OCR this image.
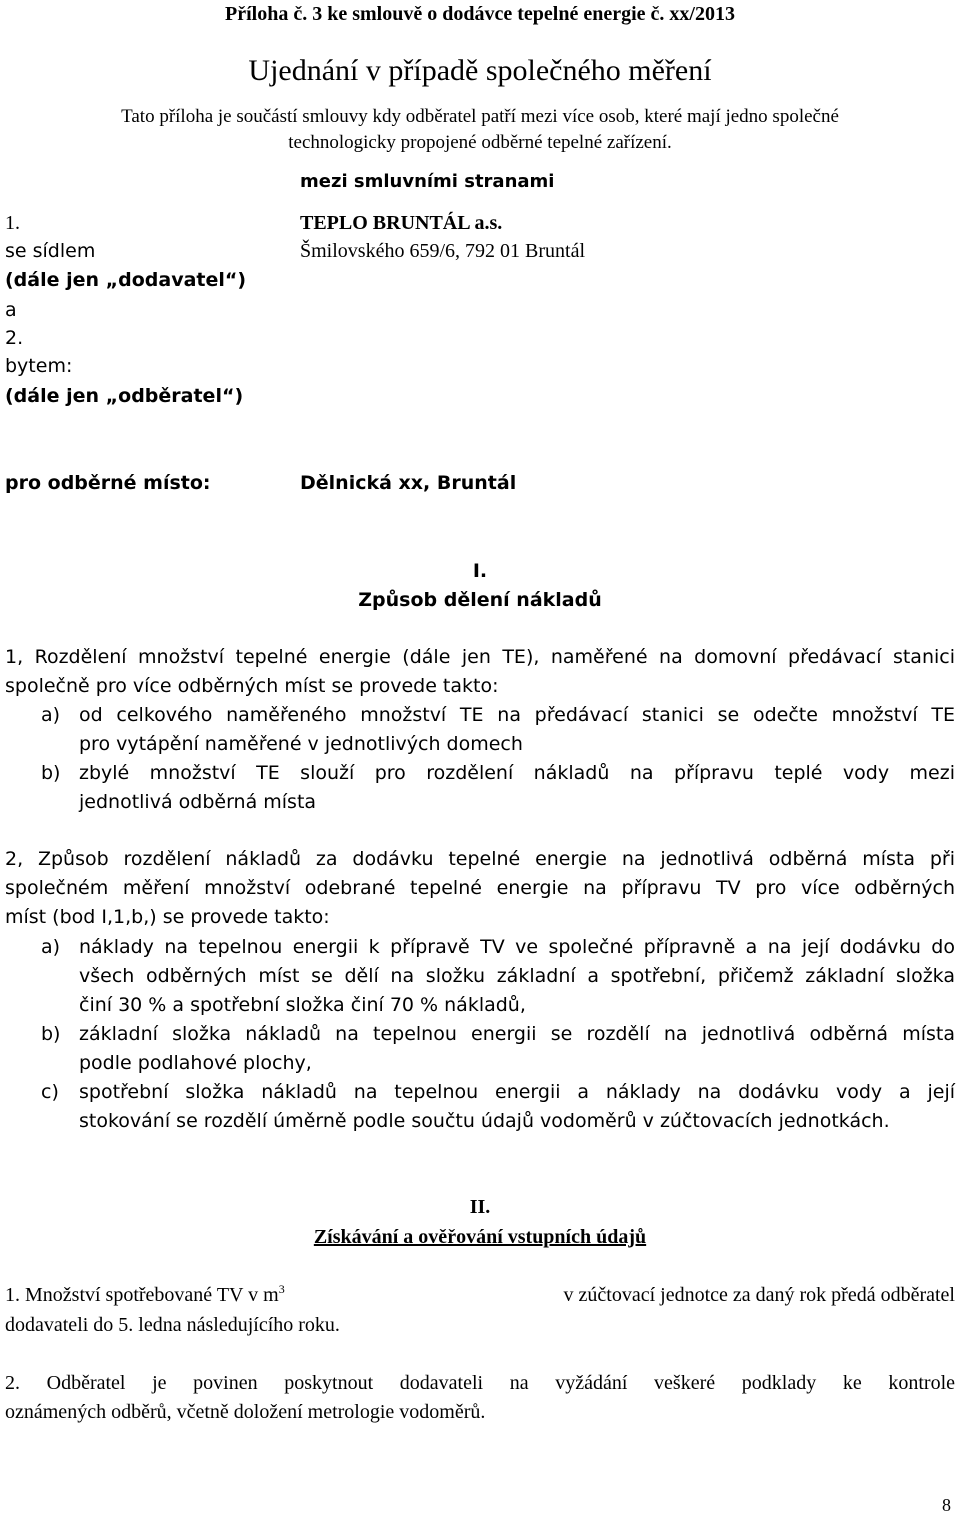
Příloha č. 3 ke smlouvě o dodávce tepelné energie č. xx/2013
Ujednání v případě společného měření
Tato příloha je součástí smlouvy kdy odběratel patří mezi více osob, které mají jedno společné
technologicky propojené odběrné tepelné zařízení.
mezi smluvními stranami
1.	TEPLO BRUNTÁL a.s.
se sídlem	Šmilovského 659/6, 792 01 Bruntál
(dále jen „dodavatel“)
a
2.
bytem:
(dále jen „odběratel“)
pro odběrné místo:	Dělnická xx, Bruntál
I.
Způsob dělení nákladů
1, Rozdělení množství tepelné energie (dále jen TE), naměřené na domovní předávací stanici
společně pro více odběrných míst se provede takto:
a) od celkového naměřeného množství TE na předávací stanici se odečte množství TE
pro vytápění naměřené v jednotlivých domech
b) zbylé množství TE slouží pro rozdělení nákladů na přípravu teplé vody mezi
jednotlivá odběrná místa
2, Způsob rozdělení nákladů za dodávku tepelné energie na jednotlivá odběrná místa při
společném měření množství odebrané tepelné energie na přípravu TV pro více odběrných
míst (bod I,1,b,) se provede takto:
a) náklady na tepelnou energii k přípravě TV ve společné přípravně a na její dodávku do
všech odběrných míst se dělí na složku základní a spotřební, přičemž základní složka
činí 30 % a spotřební složka činí 70 % nákladů,
b) základní složka nákladů na tepelnou energii se rozdělí na jednotlivá odběrná místa
podle podlahové plochy,
c) spotřební složka nákladů na tepelnou energii a náklady na dodávku vody a její
stokování se rozdělí úměrně podle součtu údajů vodoměrů v zúčtovacích jednotkách.
II.
Získávání a ověřování vstupních údajů
1. Množství spotřebované TV v $m^3$	v zúčtovací jednotce za daný rok předá odběratel
dodavateli do 5. ledna následujícího roku.
2. Odběratel je povinen poskytnout dodavateli na vyžádání veškeré podklady ke kontrole
oznámených odběrů, včetně doložení metrologie vodoměrů.
8
